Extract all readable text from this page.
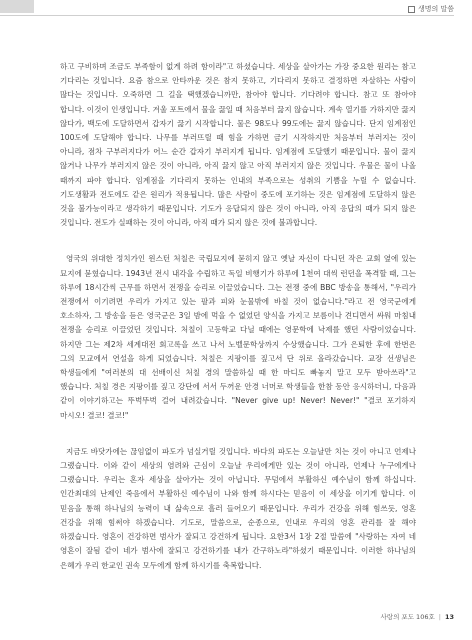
생명의 말씀

하고 구비하며 조금도 부족함이 없게 하려 함이라"고 하셨습니다. 세상을 살아가는 가장 중요한 원리는 참고 기다리는 것입니다. 요즘 참으로 안타까운 것은 참지 못하고, 기다리지 못하고 결정하면 자살하는 사람이 많다는 것입니다. 오죽하면 그 길을 택했겠습니까만, 참아야 합니다. 기다려야 합니다. 참고 또 참아야 합니다. 이것이 인생입니다. 겨울 포트에서 물을 끓일 때 처음부터 끓지 않습니다. 계속 열기를 가하지만 끓지 않다가, 백도에 도달하면서 갑자기 끓기 시작합니다. 물은 98도나 99도에는 끓지 않습니다. 단지 임계점인 100도에 도달해야 합니다. 나무를 부러뜨릴 때 힘을 가하면 금기 시작하지만 처음부터 부러지는 것이 아니라, 점차 구부러지다가 어느 순간 갑자기 부러지게 됩니다. 임계점에 도달했기 때문입니다. 물이 끓지 않거나 나무가 부러지지 않은 것이 아니라, 아직 끓지 않고 아직 부러지지 않은 것입니다. 우물은 물이 나올 때까지 파야 합니다. 임계점을 기다리지 못하는 인내의 부족으로는 성취의 기쁨을 누릴 수 없습니다. 기도생활과 전도에도 같은 원리가 적용됩니다. 많은 사람이 중도에 포기하는 것은 임계점에 도달하지 않은 것을 불가능이라고 생각하기 때문입니다. 기도가 응답되지 않은 것이 아니라, 아직 응답의 때가 되지 않은 것입니다. 전도가 실패하는 것이 아니라, 아직 때가 되지 않은 것에 불과합니다.

영국의 위대한 정치가인 윈스턴 처칠은 국립묘지에 묻히지 않고 옛날 자신이 다니던 작은 교회 옆에 있는 묘지에 묻혔습니다. 1943년 전시 내각을 수립하고 독일 비행기가 하루에 1천여 대씩 런던을 폭격할 때, 그는 하루에 18시간씩 근무를 하면서 전쟁을 승리로 이끌었습니다. 그는 전쟁 중에 BBC 방송을 통해서, "우리가 전쟁에서 이기려면 우리가 가지고 있는 팔과 피와 눈물밖에 바칠 것이 없습니다."라고 전 영국군에게 호소하자, 그 방송을 듣은 영국군은 3일 밤에 먹을 수 없었던 양식을 가지고 보름이나 견디면서 싸워 마침내 전쟁을 승리로 이끌었던 것입니다. 처칠이 고등학교 다닐 때에는 영문학에 낙제를 했던 사람이었습니다. 하지만 그는 제2차 세계대전 회고록을 쓰고 나서 노벨문학상까지 수상했습니다. 그가 은퇴한 후에 한번은 그의 모교에서 연설을 하게 되었습니다. 처칠은 지팡이를 짚고서 단 위로 올라갔습니다. 교장 선생님은 학생들에게 "여러분의 대 선배이신 처칠 경의 말씀하실 때 한 마디도 빠놓지 말고 모두 받아쓰라"고 했습니다. 처칠 경은 지팡이를 짚고 강단에 서서 두꺼운 안경 너머로 학생들을 한참 동안 응시하더니, 다음과 같이 이야기하고는 뚜벅뚜벅 걸어 내려갔습니다. "Never give up! Never! Never!" "결코 포기하지 마시오! 결코! 결코!"

지금도 바닷가에는 끊임없이 파도가 넘실거릴 것입니다. 바다의 파도는 오늘날만 치는 것이 아니고 언제나 그랬습니다. 이와 같이 세상의 염려와 근심이 오늘날 우리에게만 있는 것이 아니라, 언제나 누구에게나 그랬습니다. 우리는 혼자 세상을 살아가는 것이 아닙니다. 무덤에서 부활하신 예수님이 함께 하십니다. 인간최대의 난제인 죽음에서 부활하신 예수님이 나와 함께 하시다는 믿음이 이 세상을 이기게 합니다. 이 믿음을 통해 하나님의 능력이 내 삶속으로 흘러 들어오기 때문입니다. 우리가 건강을 위해 힘쓰듯, 영혼 건강을 위해 힘써야 하겠습니다. 기도로, 말씀으로, 순종으로, 인내로 우리의 영혼 관리를 잘 해야 하겠습니다. 영혼이 건강하면 범사가 잘되고 강건하게 됩니다. 요한3서 1장 2절 말씀에 "사랑하는 자여 네 영혼이 잘됨 같이 네가 범사에 잘되고 강건하기를 내가 간구하노라"하셨기 때문입니다. 이러한 하나님의 은혜가 우리 한교인 권속 모두에게 함께 하시기를 축복합니다.

사랑의 포도 106호 | 13
